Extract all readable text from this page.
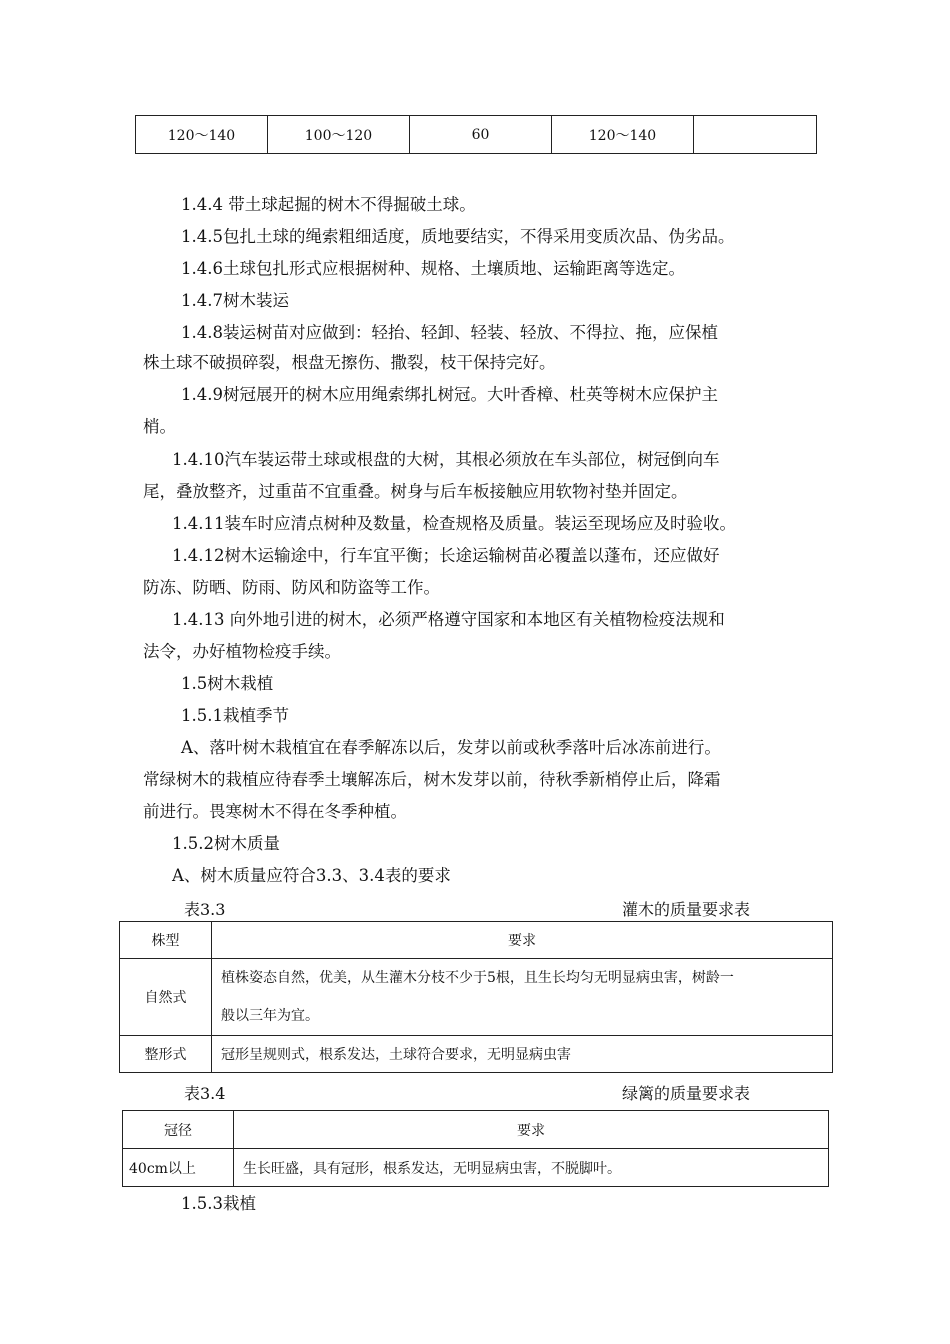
120～140	100～120	60	120～140	
1.4.4 带土球起掘的树木不得掘破土球。
1.4.5包扎土球的绳索粗细适度，质地要结实，不得采用变质次品、伪劣品。
1.4.6土球包扎形式应根据树种、规格、土壤质地、运输距离等选定。
1.4.7树木装运
1.4.8装运树苗对应做到：轻抬、轻卸、轻装、轻放、不得拉、拖，应保植
株土球不破损碎裂，根盘无擦伤、撒裂，枝干保持完好。
1.4.9树冠展开的树木应用绳索绑扎树冠。大叶香樟、杜英等树木应保护主
梢。
1.4.10汽车装运带土球或根盘的大树，其根必须放在车头部位，树冠倒向车
尾，叠放整齐，过重苗不宜重叠。树身与后车板接触应用软物衬垫并固定。
1.4.11装车时应清点树种及数量，检查规格及质量。装运至现场应及时验收。
1.4.12树木运输途中，行车宜平衡；长途运输树苗必覆盖以蓬布，还应做好
防冻、防晒、防雨、防风和防盗等工作。
1.4.13 向外地引进的树木，必须严格遵守国家和本地区有关植物检疫法规和
法令，办好植物检疫手续。
1.5树木栽植
1.5.1栽植季节
A、落叶树木栽植宜在春季解冻以后，发芽以前或秋季落叶后冰冻前进行。
常绿树木的栽植应待春季土壤解冻后，树木发芽以前，待秋季新梢停止后，降霜
前进行。畏寒树木不得在冬季种植。
1.5.2树木质量
A、树木质量应符合3.3、3.4表的要求
表3.3	灌木的质量要求表
株型	要求
自然式	植株姿态自然，优美，从生灌木分枝不少于5根，且生长均匀无明显病虫害，树龄一
般以三年为宜。

整形式	冠形呈规则式，根系发达，土球符合要求，无明显病虫害
表3.4	绿篱的质量要求表
冠径	要求
40cm以上	生长旺盛，具有冠形，根系发达，无明显病虫害，不脱脚叶。
1.5.3栽植
